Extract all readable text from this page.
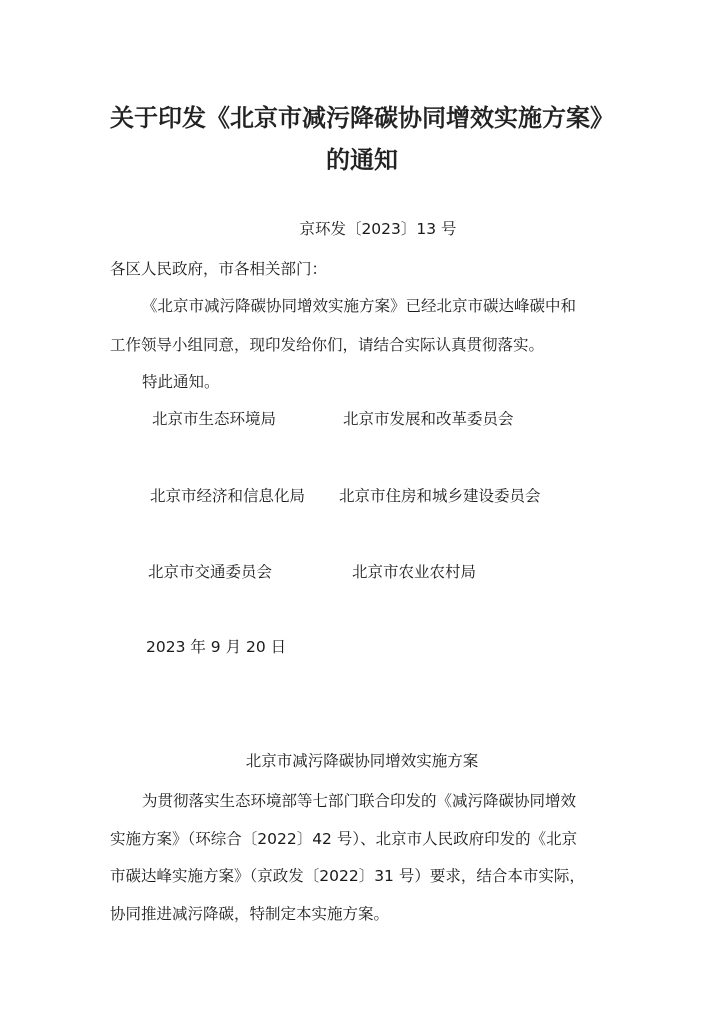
关于印发《北京市减污降碳协同增效实施方案》的通知
京环发〔2023〕13 号
各区人民政府，市各相关部门：
《北京市减污降碳协同增效实施方案》已经北京市碳达峰碳中和
工作领导小组同意，现印发给你们，请结合实际认真贯彻落实。
特此通知。
北京市生态环境局	北京市发展和改革委员会
北京市经济和信息化局 北京市住房和城乡建设委员会
北京市交通委员会	北京市农业农村局
2023 年 9 月 20 日
北京市减污降碳协同增效实施方案
为贯彻落实生态环境部等七部门联合印发的《减污降碳协同增效
实施方案》（环综合〔2022〕42 号）、北京市人民政府印发的《北京
市碳达峰实施方案》（京政发〔2022〕31 号）要求，结合本市实际，
协同推进减污降碳，特制定本实施方案。
